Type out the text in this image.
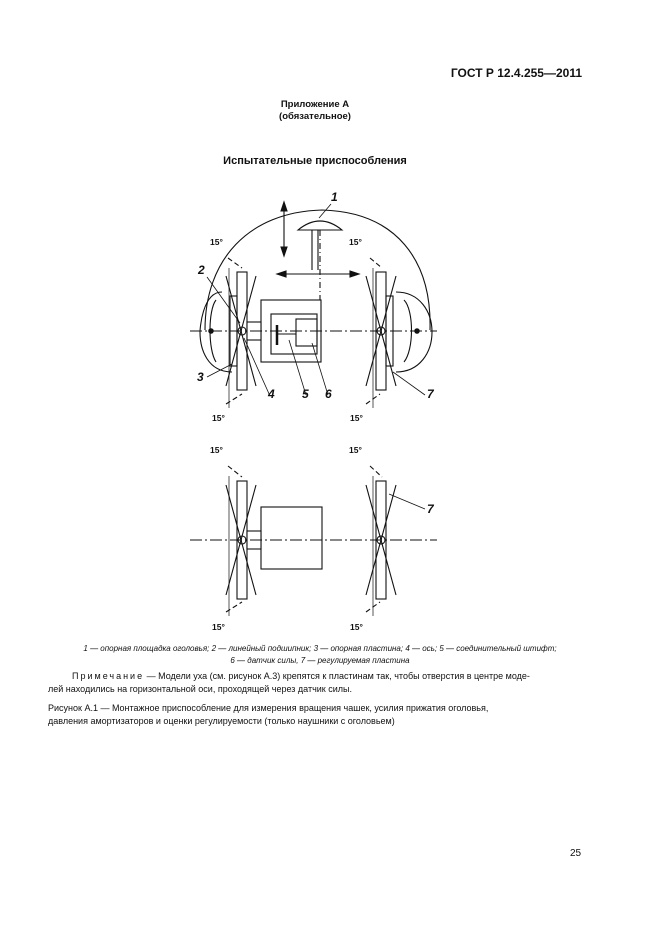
ГОСТ Р 12.4.255—2011
Приложение А
(обязательное)
Испытательные приспособления
1
2
3
4 5 6	7
7
15°	15°
15°	15°
15°	15°
15°	15°
1 — опорная площадка оголовья; 2 — линейный подшипник; 3 — опорная пластина; 4 — ось; 5 — соединительный штифт;
6 — датчик силы, 7 — регулируемая пластина
Примечание — Модели уха (см. рисунок А.3) крепятся к пластинам так, чтобы отверстия в центре моде-
лей находились на горизонтальной оси, проходящей через датчик силы.
Рисунок А.1 — Монтажное приспособление для измерения вращения чашек, усилия прижатия оголовья,
давления амортизаторов и оценки регулируемости (только наушники с оголовьем)
25
